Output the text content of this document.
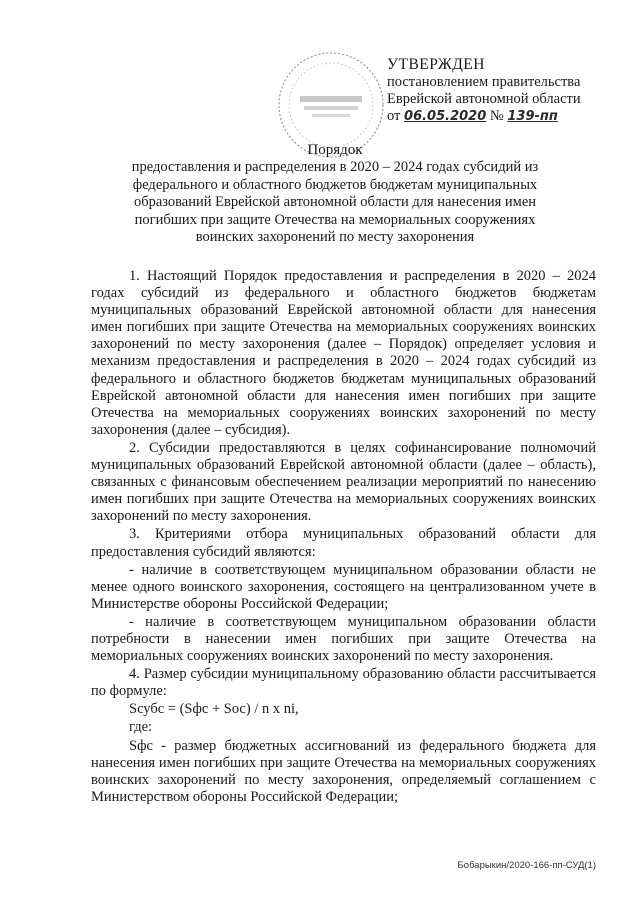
УТВЕРЖДЕН
постановлением правительства
Еврейской автономной области
от 06.05.2020 № 139-пп
Порядок
предоставления и распределения в 2020 – 2024 годах субсидий из федерального и областного бюджетов бюджетам муниципальных образований Еврейской автономной области для нанесения имен погибших при защите Отечества на мемориальных сооружениях воинских захоронений по месту захоронения

1. Настоящий Порядок предоставления и распределения в 2020 – 2024 годах субсидий из федерального и областного бюджетов бюджетам муниципальных образований Еврейской автономной области для нанесения имен погибших при защите Отечества на мемориальных сооружениях воинских захоронений по месту захоронения (далее – Порядок) определяет условия и механизм предоставления и распределения в 2020 – 2024 годах субсидий из федерального и областного бюджетов бюджетам муниципальных образований Еврейской автономной области для нанесения имен погибших при защите Отечества на мемориальных сооружениях воинских захоронений по месту захоронения (далее – субсидия).

2. Субсидии предоставляются в целях софинансирование полномочий муниципальных образований Еврейской автономной области (далее – область), связанных с финансовым обеспечением реализации мероприятий по нанесению имен погибших при защите Отечества на мемориальных сооружениях воинских захоронений по месту захоронения.

3. Критериями отбора муниципальных образований области для предоставления субсидий являются:

- наличие в соответствующем муниципальном образовании области не менее одного воинского захоронения, состоящего на централизованном учете в Министерстве обороны Российской Федерации;

- наличие в соответствующем муниципальном образовании области потребности в нанесении имен погибших при защите Отечества на мемориальных сооружениях воинских захоронений по месту захоронения.

4. Размер субсидии муниципальному образованию области рассчитывается по формуле:

Sсубс = (Sфс + Sос) / n x ni,

где:

Sфс - размер бюджетных ассигнований из федерального бюджета для нанесения имен погибших при защите Отечества на мемориальных сооружениях воинских захоронений по месту захоронения, определяемый соглашением с Министерством обороны Российской Федерации;

Бобарыкин/2020-166-пп-СУД(1)
